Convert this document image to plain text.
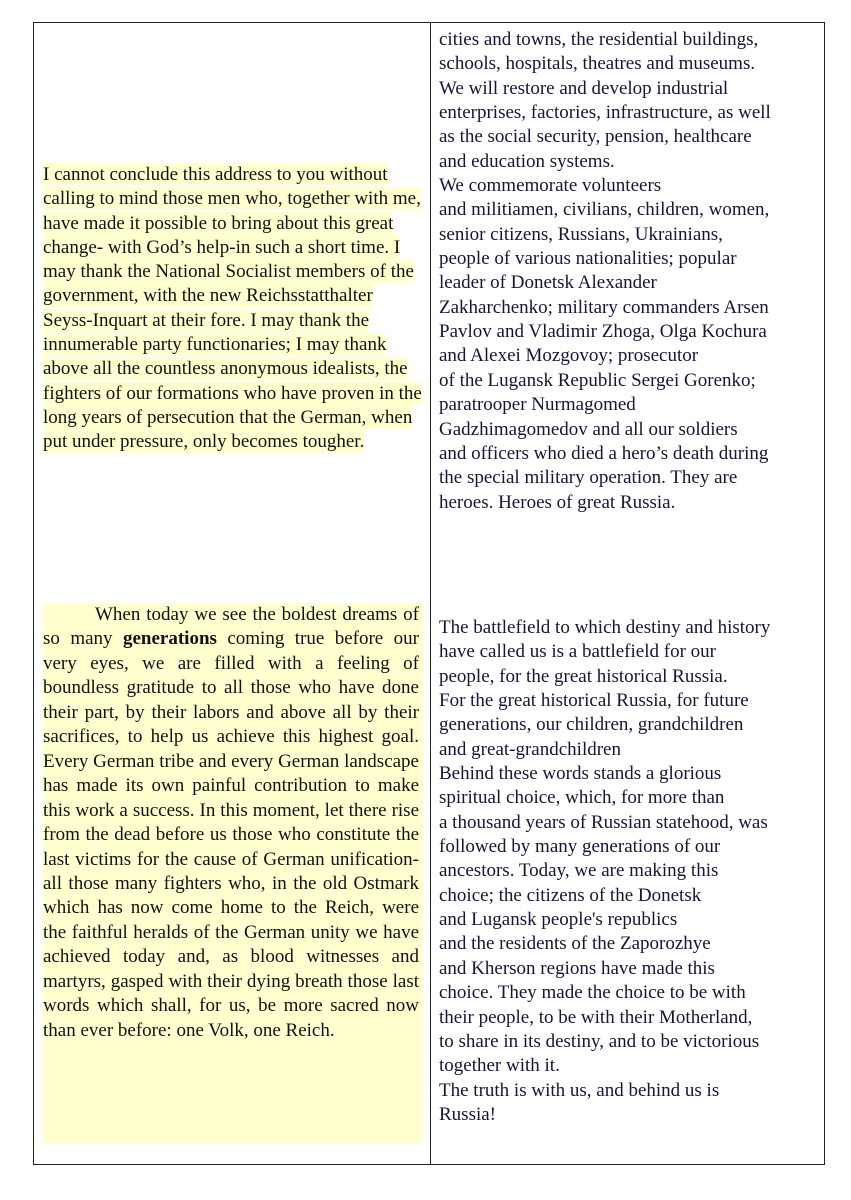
I cannot conclude this address to you without calling to mind those men who, together with me, have made it possible to bring about this great change- with God’s help-in such a short time. I may thank the National Socialist members of the government, with the new Reichsstatthalter Seyss-Inquart at their fore. I may thank the innumerable party functionaries; I may thank above all the countless anonymous idealists, the fighters of our formations who have proven in the long years of persecution that the German, when put under pressure, only becomes tougher.
When today we see the boldest dreams of so many generations coming true before our very eyes, we are filled with a feeling of boundless gratitude to all those who have done their part, by their labors and above all by their sacrifices, to help us achieve this highest goal. Every German tribe and every German landscape has made its own painful contribution to make this work a success. In this moment, let there rise from the dead before us those who constitute the last victims for the cause of German unification-all those many fighters who, in the old Ostmark which has now come home to the Reich, were the faithful heralds of the German unity we have achieved today and, as blood witnesses and martyrs, gasped with their dying breath those last words which shall, for us, be more sacred now than ever before: one Volk, one Reich.
cities and towns, the residential buildings,
schools, hospitals, theatres and museums.
We will restore and develop industrial
enterprises, factories, infrastructure, as well
as the social security, pension, healthcare
and education systems.
We commemorate volunteers
and militiamen, civilians, children, women,
senior citizens, Russians, Ukrainians,
people of various nationalities; popular
leader of Donetsk Alexander
Zakharchenko; military commanders Arsen
Pavlov and Vladimir Zhoga, Olga Kochura
and Alexei Mozgovoy; prosecutor
of the Lugansk Republic Sergei Gorenko;
paratrooper Nurmagomed
Gadzhimagomedov and all our soldiers
and officers who died a hero’s death during
the special military operation. They are
heroes. Heroes of great Russia.
The battlefield to which destiny and history
have called us is a battlefield for our
people, for the great historical Russia.
For the great historical Russia, for future
generations, our children, grandchildren
and great-grandchildren
Behind these words stands a glorious
spiritual choice, which, for more than
a thousand years of Russian statehood, was
followed by many generations of our
ancestors. Today, we are making this
choice; the citizens of the Donetsk
and Lugansk people's republics
and the residents of the Zaporozhye
and Kherson regions have made this
choice. They made the choice to be with
their people, to be with their Motherland,
to share in its destiny, and to be victorious
together with it.
The truth is with us, and behind us is
Russia!
